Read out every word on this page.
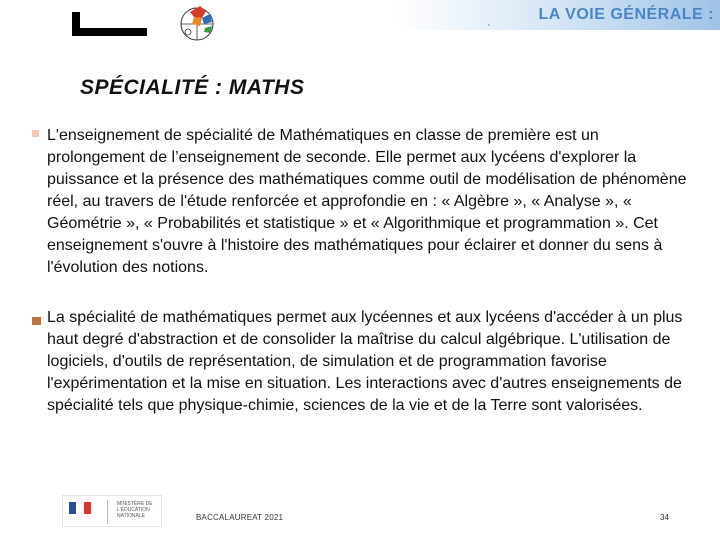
`
LA VOIE GÉNÉRALE :
SPÉCIALITÉ : MATHS

L'enseignement de spécialité de Mathématiques en classe de première est un prolongement de l’enseignement de seconde. Elle permet aux lycéens d'explorer la puissance et la présence des mathématiques comme outil de modélisation de phénomène réel, au travers de l'étude renforcée et approfondie en : « Algèbre », « Analyse », « Géométrie », « Probabilités et statistique » et « Algorithmique et programmation ». Cet enseignement s'ouvre à l'histoire des mathématiques pour éclairer et donner du sens à l'évolution des notions.

La spécialité de mathématiques permet aux lycéennes et aux lycéens d'accéder à un plus haut degré d'abstraction et de consolider la maîtrise du calcul algébrique. L'utilisation de logiciels, d'outils de représentation, de simulation et de programmation favorise l'expérimentation et la mise en situation. Les interactions avec d'autres enseignements de spécialité tels que physique-chimie, sciences de la vie et de la Terre sont valorisées.

MINISTÈRE DE L'ÉDUCATION NATIONALE	BACCALAUREAT 2021	34
